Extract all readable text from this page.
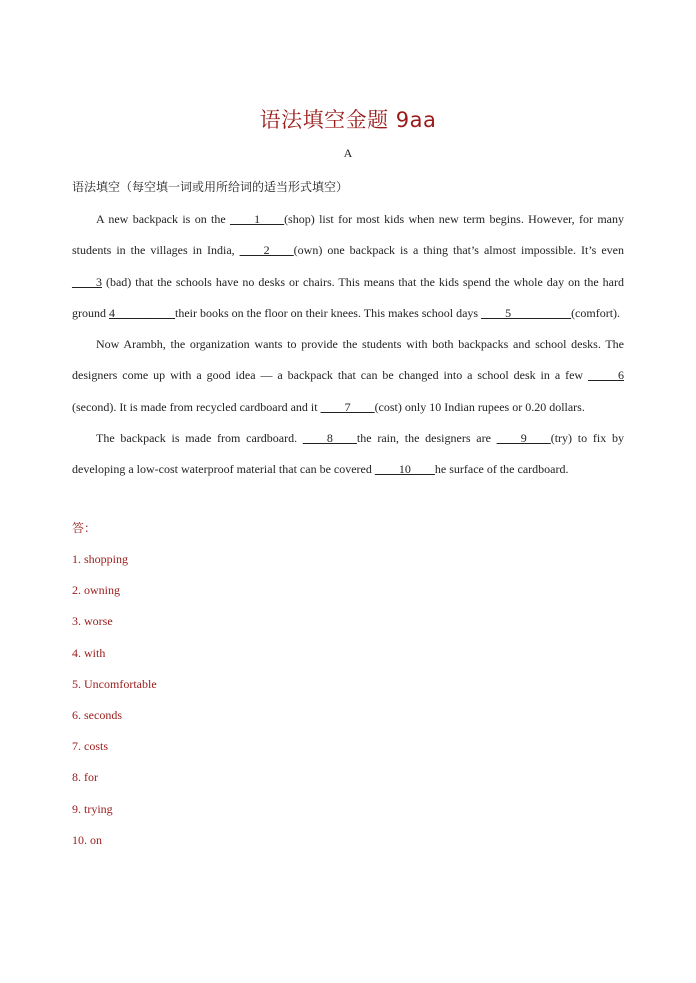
语法填空金题 9aa
A
语法填空（每空填一词或用所给词的适当形式填空）

A new backpack is on the ____1____(shop) list for most kids when new term begins. However, for many students in the villages in India, ____2____(own) one backpack is a thing that’s almost impossible. It’s even ____3 (bad) that the schools have no desks or chairs. This means that the kids spend the whole day on the hard ground 4__________their books on the floor on their knees. This makes school days ____5__________(comfort).

Now Arambh, the organization wants to provide the students with both backpacks and school desks. The designers come up with a good idea — a backpack that can be changed into a school desk in a few _____6 (second). It is made from recycled cardboard and it ____7____(cost) only 10 Indian rupees or 0.20 dollars.

The backpack is made from cardboard. ____8____the rain, the designers are ____9____(try) to fix by developing a low-cost waterproof material that can be covered ____10____he surface of the cardboard.

答：
1. shopping
2. owning
3. worse
4. with
5. Uncomfortable
6. seconds
7. costs
8. for
9. trying
10. on
